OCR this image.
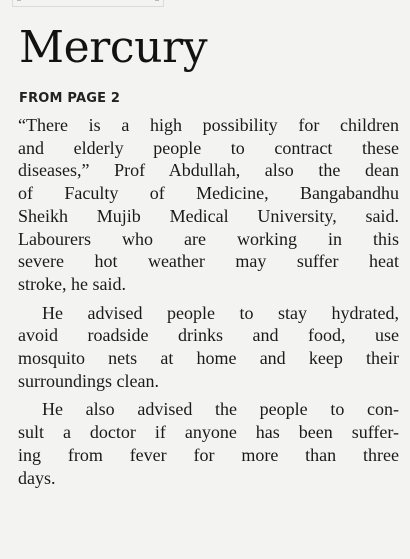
Mercury
FROM PAGE 2

“There is a high possibility for children
and elderly people to contract these
diseases,” Prof Abdullah, also the dean
of Faculty of Medicine, Bangabandhu
Sheikh Mujib Medical University, said.
Labourers who are working in this
severe hot weather may suffer heat
stroke, he said.

He advised people to stay hydrated,
avoid roadside drinks and food, use
mosquito nets at home and keep their
surroundings clean.

He also advised the people to con-
sult a doctor if anyone has been suffer-
ing from fever for more than three
days.
